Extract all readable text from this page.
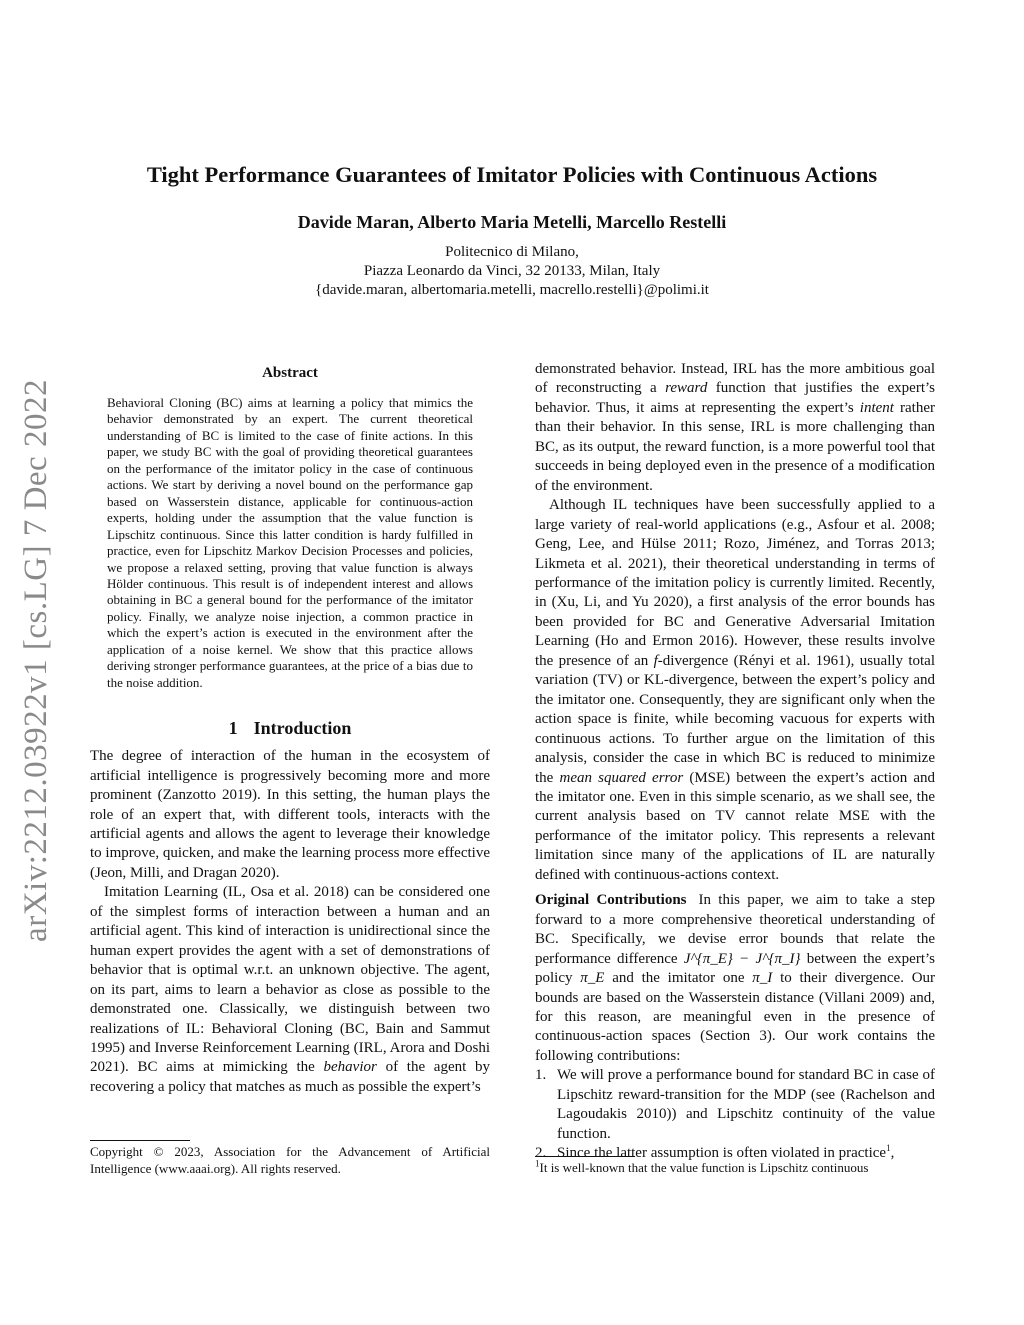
arXiv:2212.03922v1 [cs.LG] 7 Dec 2022
Tight Performance Guarantees of Imitator Policies with Continuous Actions
Davide Maran, Alberto Maria Metelli, Marcello Restelli
Politecnico di Milano,
Piazza Leonardo da Vinci, 32 20133, Milan, Italy
{davide.maran, albertomaria.metelli, macrello.restelli}@polimi.it
Abstract
Behavioral Cloning (BC) aims at learning a policy that mimics the behavior demonstrated by an expert. The current theoretical understanding of BC is limited to the case of finite actions. In this paper, we study BC with the goal of providing theoretical guarantees on the performance of the imitator policy in the case of continuous actions. We start by deriving a novel bound on the performance gap based on Wasserstein distance, applicable for continuous-action experts, holding under the assumption that the value function is Lipschitz continuous. Since this latter condition is hardy fulfilled in practice, even for Lipschitz Markov Decision Processes and policies, we propose a relaxed setting, proving that value function is always Hölder continuous. This result is of independent interest and allows obtaining in BC a general bound for the performance of the imitator policy. Finally, we analyze noise injection, a common practice in which the expert’s action is executed in the environment after the application of a noise kernel. We show that this practice allows deriving stronger performance guarantees, at the price of a bias due to the noise addition.
1 Introduction

The degree of interaction of the human in the ecosystem of artificial intelligence is progressively becoming more and more prominent (Zanzotto 2019). In this setting, the human plays the role of an expert that, with different tools, interacts with the artificial agents and allows the agent to leverage their knowledge to improve, quicken, and make the learning process more effective (Jeon, Milli, and Dragan 2020).

Imitation Learning (IL, Osa et al. 2018) can be considered one of the simplest forms of interaction between a human and an artificial agent. This kind of interaction is unidirectional since the human expert provides the agent with a set of demonstrations of behavior that is optimal w.r.t. an unknown objective. The agent, on its part, aims to learn a behavior as close as possible to the demonstrated one. Classically, we distinguish between two realizations of IL: Behavioral Cloning (BC, Bain and Sammut 1995) and Inverse Reinforcement Learning (IRL, Arora and Doshi 2021). BC aims at mimicking the behavior of the agent by recovering a policy that matches as much as possible the expert’s

Copyright © 2023, Association for the Advancement of Artificial Intelligence (www.aaai.org). All rights reserved.

demonstrated behavior. Instead, IRL has the more ambitious goal of reconstructing a reward function that justifies the expert’s behavior. Thus, it aims at representing the expert’s intent rather than their behavior. In this sense, IRL is more challenging than BC, as its output, the reward function, is a more powerful tool that succeeds in being deployed even in the presence of a modification of the environment.

Although IL techniques have been successfully applied to a large variety of real-world applications (e.g., Asfour et al. 2008; Geng, Lee, and Hülse 2011; Rozo, Jiménez, and Torras 2013; Likmeta et al. 2021), their theoretical understanding in terms of performance of the imitation policy is currently limited. Recently, in (Xu, Li, and Yu 2020), a first analysis of the error bounds has been provided for BC and Generative Adversarial Imitation Learning (Ho and Ermon 2016). However, these results involve the presence of an f-divergence (Rényi et al. 1961), usually total variation (TV) or KL-divergence, between the expert’s policy and the imitator one. Consequently, they are significant only when the action space is finite, while becoming vacuous for experts with continuous actions. To further argue on the limitation of this analysis, consider the case in which BC is reduced to minimize the mean squared error (MSE) between the expert’s action and the imitator one. Even in this simple scenario, as we shall see, the current analysis based on TV cannot relate MSE with the performance of the imitator policy. This represents a relevant limitation since many of the applications of IL are naturally defined with continuous-actions context.

Original Contributions In this paper, we aim to take a step forward to a more comprehensive theoretical understanding of BC. Specifically, we devise error bounds that relate the performance difference J^{π_E} − J^{π_I} between the expert’s policy π_E and the imitator one π_I to their divergence. Our bounds are based on the Wasserstein distance (Villani 2009) and, for this reason, are meaningful even in the presence of continuous-action spaces (Section 3). Our work contains the following contributions:

1. We will prove a performance bound for standard BC in case of Lipschitz reward-transition for the MDP (see (Rachelson and Lagoudakis 2010)) and Lipschitz continuity of the value function.
2. Since the latter assumption is often violated in practice$^1$,
$^1$It is well-known that the value function is Lipschitz continuous
